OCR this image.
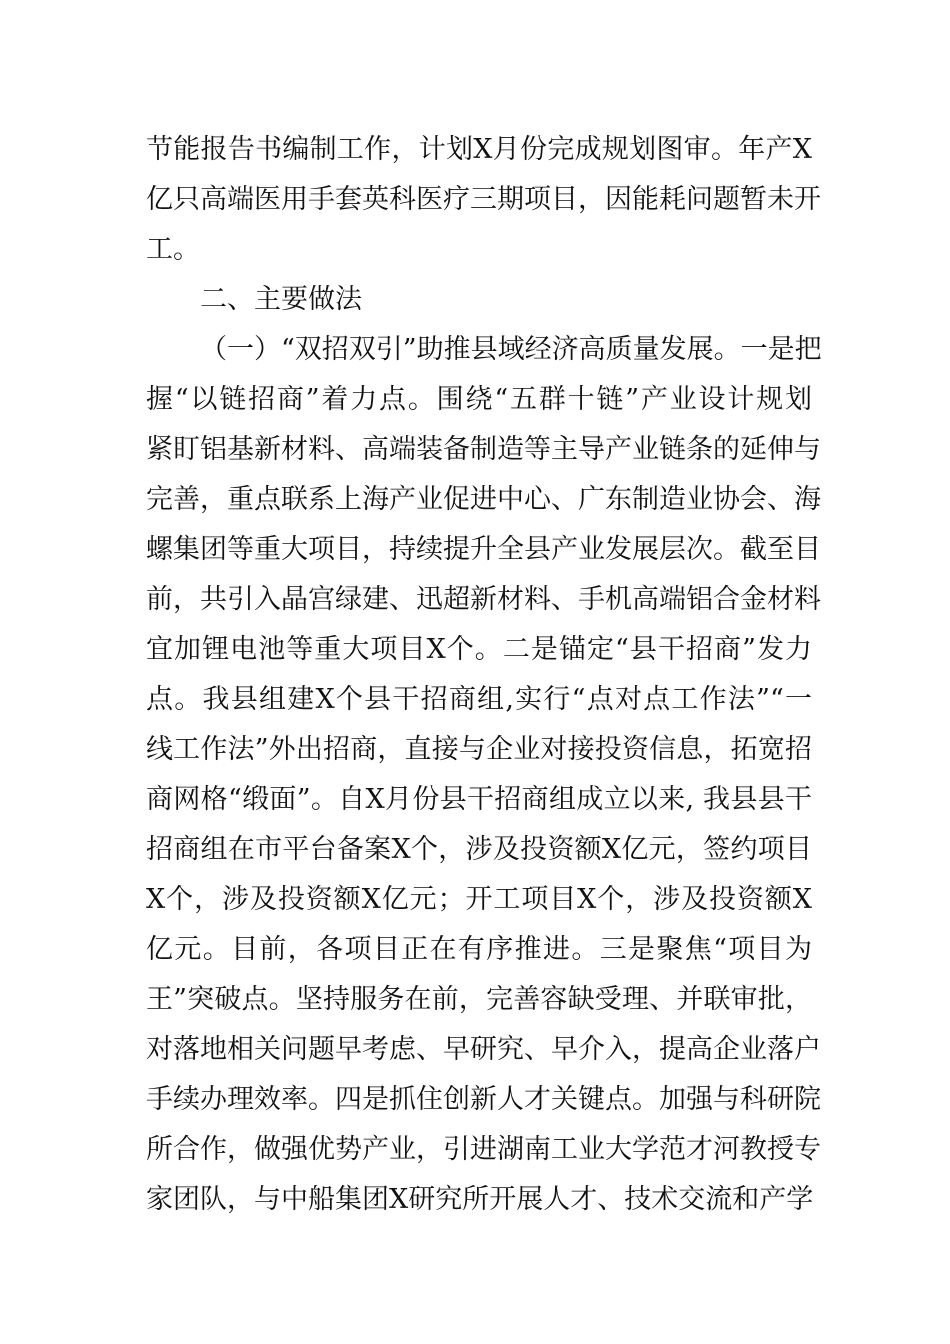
节能报告书编制工作，计划X月份完成规划图审。年产X
亿只高端医用手套英科医疗三期项目，因能耗问题暂未开
工。
二、主要做法
（一）“双招双引”助推县域经济高质量发展。一是把
握“以链招商”着力点。围绕“五群十链”产业设计规划
紧盯铝基新材料、高端装备制造等主导产业链条的延伸与
完善，重点联系上海产业促进中心、广东制造业协会、海
螺集团等重大项目，持续提升全县产业发展层次。截至目
前，共引入晶宫绿建、迅超新材料、手机高端铝合金材料
宜加锂电池等重大项目X个。二是锚定“县干招商”发力
点。我县组建X个县干招商组,实行“点对点工作法”“一
线工作法”外出招商，直接与企业对接投资信息，拓宽招
商网格“缎面”。自X月份县干招商组成立以来, 我县县干
招商组在市平台备案X个，涉及投资额X亿元，签约项目
X个，涉及投资额X亿元；开工项目X个，涉及投资额X
亿元。目前，各项目正在有序推进。三是聚焦“项目为
王”突破点。坚持服务在前，完善容缺受理、并联审批，
对落地相关问题早考虑、早研究、早介入，提高企业落户
手续办理效率。四是抓住创新人才关键点。加强与科研院
所合作，做强优势产业，引进湖南工业大学范才河教授专
家团队，与中船集团X研究所开展人才、技术交流和产学
